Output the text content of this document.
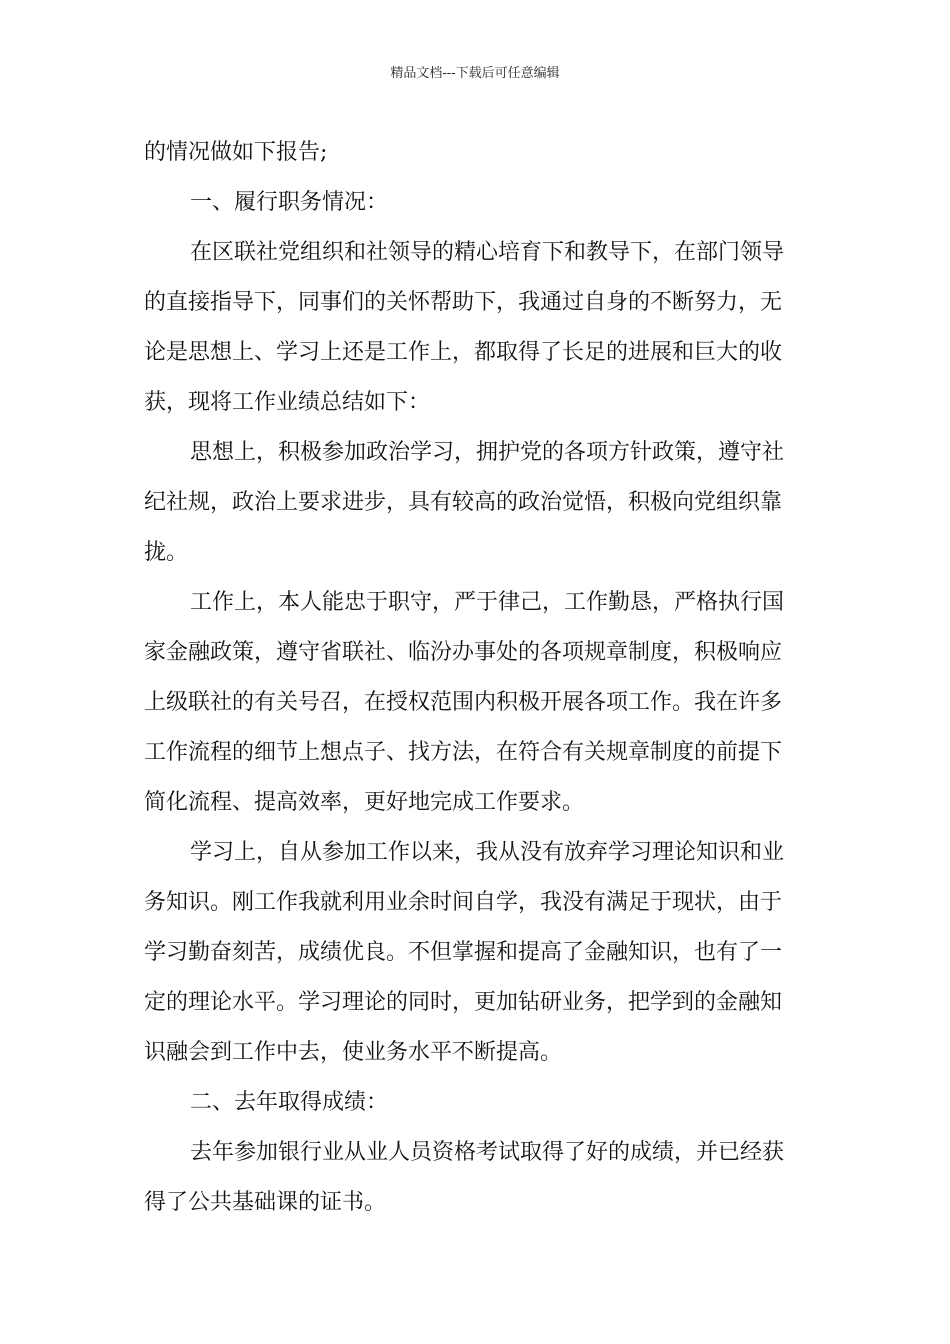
精品文档---下载后可任意编辑
的情况做如下报告;
一、履行职务情况：
在区联社党组织和社领导的精心培育下和教导下，在部门领导
的直接指导下，同事们的关怀帮助下，我通过自身的不断努力，无
论是思想上、学习上还是工作上，都取得了长足的进展和巨大的收
获，现将工作业绩总结如下：
思想上，积极参加政治学习，拥护党的各项方针政策，遵守社
纪社规，政治上要求进步，具有较高的政治觉悟，积极向党组织靠
拢。
工作上，本人能忠于职守，严于律己，工作勤恳，严格执行国
家金融政策，遵守省联社、临汾办事处的各项规章制度，积极响应
上级联社的有关号召，在授权范围内积极开展各项工作。我在许多
工作流程的细节上想点子、找方法，在符合有关规章制度的前提下
简化流程、提高效率，更好地完成工作要求。
学习上，自从参加工作以来，我从没有放弃学习理论知识和业
务知识。刚工作我就利用业余时间自学，我没有满足于现状，由于
学习勤奋刻苦，成绩优良。不但掌握和提高了金融知识，也有了一
定的理论水平。学习理论的同时，更加钻研业务，把学到的金融知
识融会到工作中去，使业务水平不断提高。
二、去年取得成绩：
去年参加银行业从业人员资格考试取得了好的成绩，并已经获
得了公共基础课的证书。
